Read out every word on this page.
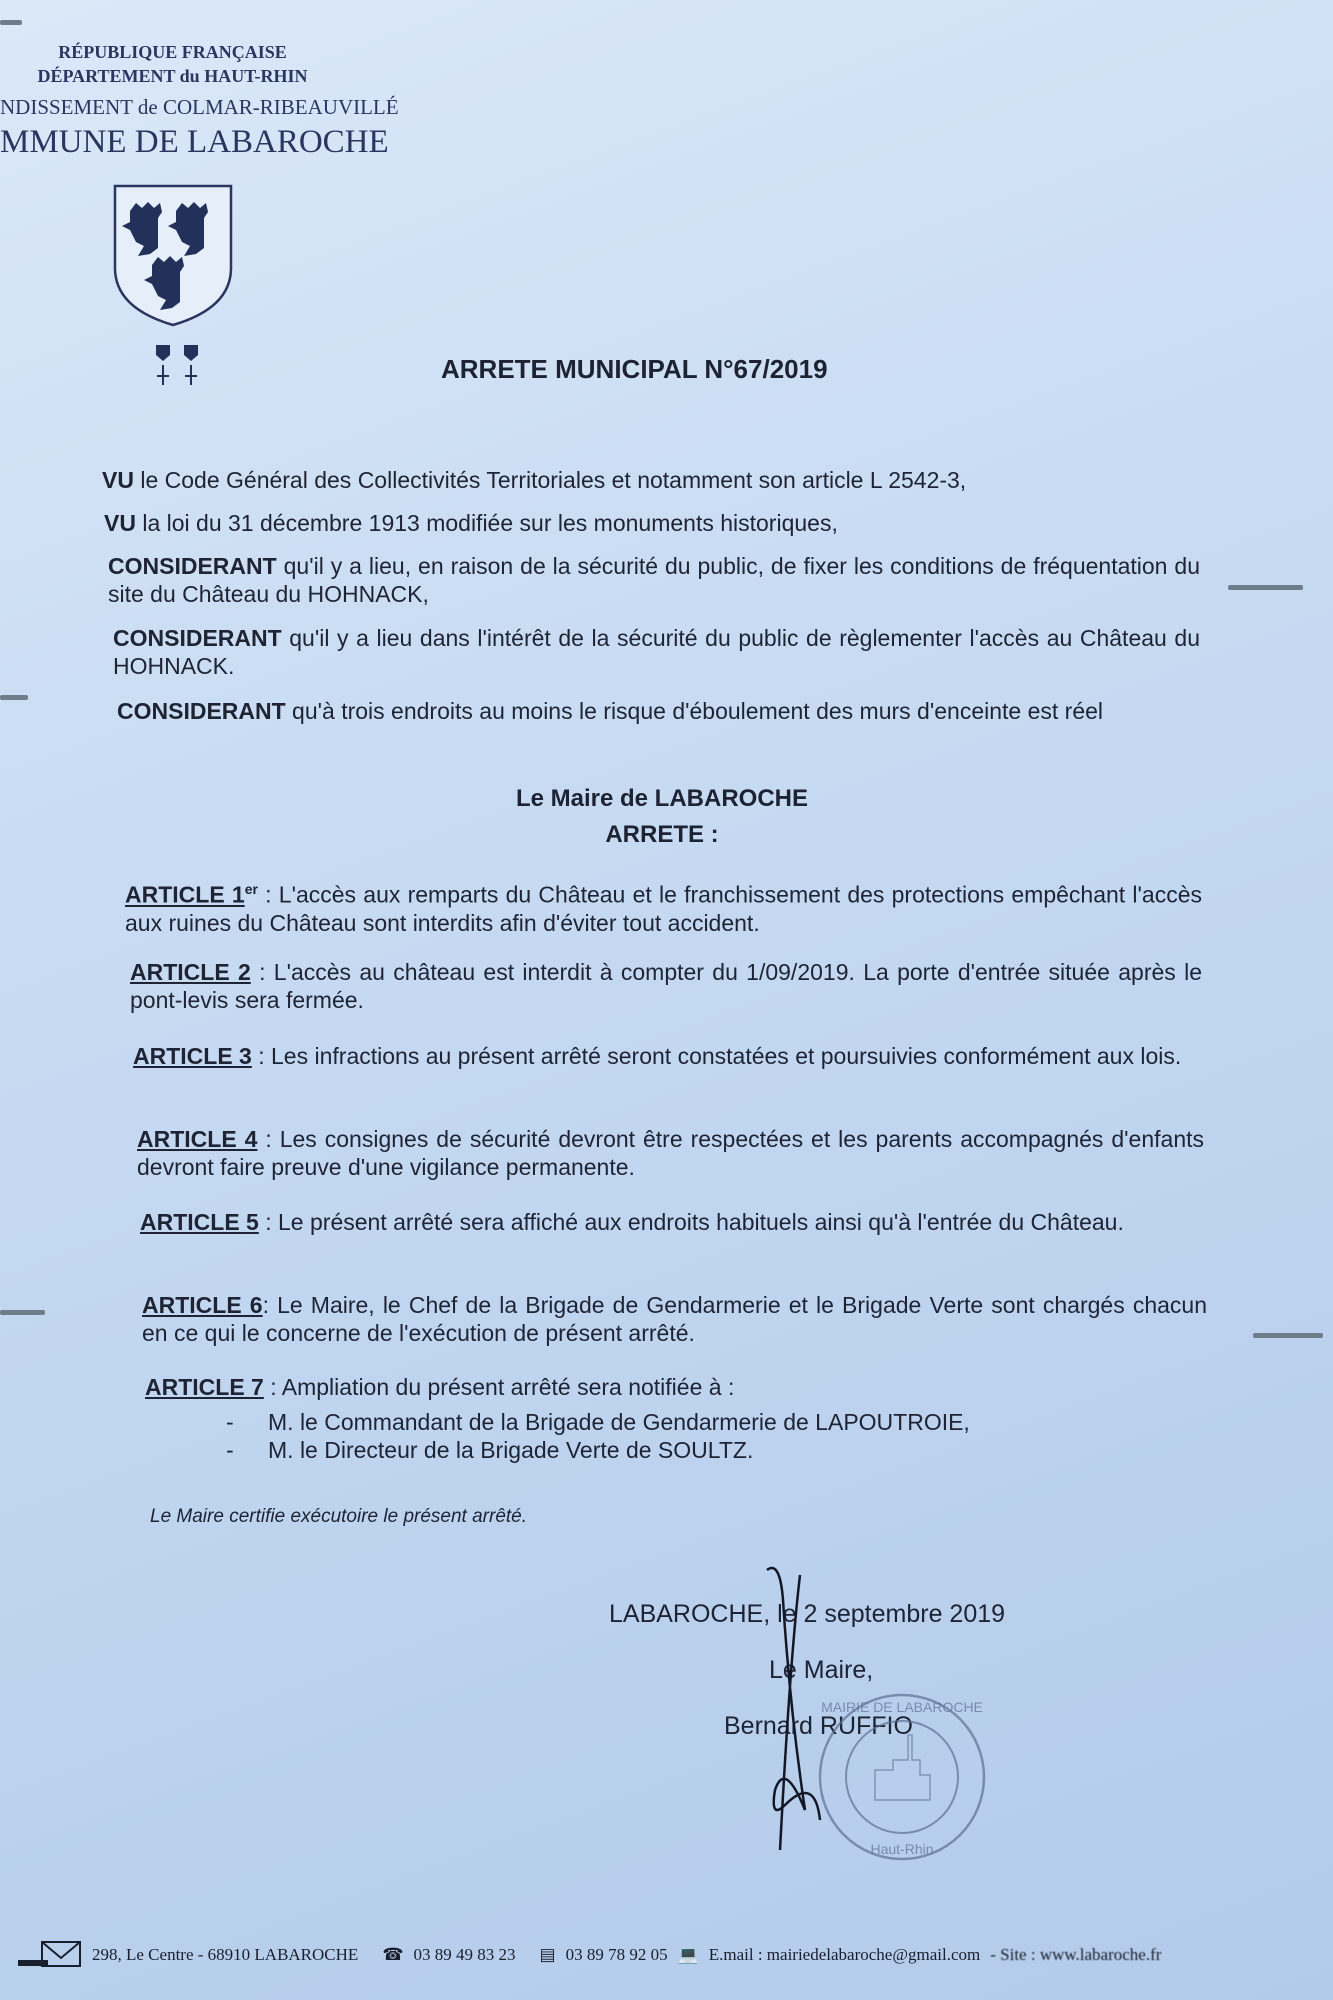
RÉPUBLIQUE FRANÇAISE
DÉPARTEMENT du HAUT-RHIN
NDISSEMENT de COLMAR-RIBEAUVILLÉ
MMUNE DE LABAROCHE
ARRETE MUNICIPAL N°67/2019
VU le Code Général des Collectivités Territoriales et notamment son article L 2542-3,
VU la loi du 31 décembre 1913 modifiée sur les monuments historiques,
CONSIDERANT qu'il y a lieu, en raison de la sécurité du public, de fixer les conditions de fréquentation du site du Château du HOHNACK,
CONSIDERANT qu'il y a lieu dans l'intérêt de la sécurité du public de règlementer l'accès au Château du HOHNACK.
CONSIDERANT qu'à trois endroits au moins le risque d'éboulement des murs d'enceinte est réel
Le Maire de LABAROCHE
ARRETE :
ARTICLE 1er : L'accès aux remparts du Château et le franchissement des protections empêchant l'accès aux ruines du Château sont interdits afin d'éviter tout accident.
ARTICLE 2 : L'accès au château est interdit à compter du 1/09/2019. La porte d'entrée située après le pont-levis sera fermée.
ARTICLE 3 : Les infractions au présent arrêté seront constatées et poursuivies conformément aux lois.
ARTICLE 4 : Les consignes de sécurité devront être respectées et les parents accompagnés d'enfants devront faire preuve d'une vigilance permanente.
ARTICLE 5 : Le présent arrêté sera affiché aux endroits habituels ainsi qu'à l'entrée du Château.
ARTICLE 6: Le Maire, le Chef de la Brigade de Gendarmerie et le Brigade Verte sont chargés chacun en ce qui le concerne de l'exécution de présent arrêté.
ARTICLE 7 : Ampliation du présent arrêté sera notifiée à :
- M. le Commandant de la Brigade de Gendarmerie de LAPOUTROIE,
- M. le Directeur de la Brigade Verte de SOULTZ.
Le Maire certifie exécutoire le présent arrêté.
LABAROCHE, le 2 septembre 2019
Le Maire,
Bernard RUFFIO
MAIRIE DE LABAROCHE
Haut-Rhin
298, Le Centre - 68910 LABAROCHE ☎ 03 89 49 83 23 ▤ 03 89 78 92 05 💻 E.mail : mairiedelabaroche@gmail.com - Site : www.labaroche.fr
